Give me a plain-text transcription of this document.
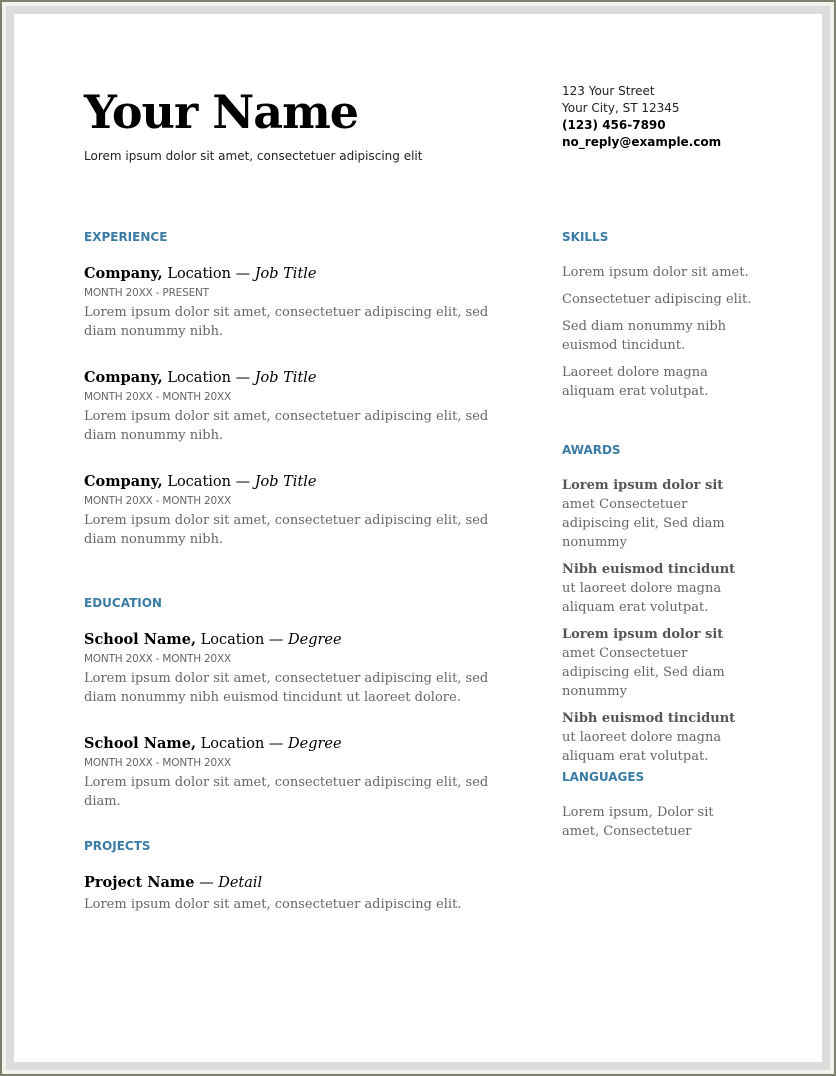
Your Name
Lorem ipsum dolor sit amet, consectetuer adipiscing elit
123 Your Street
Your City, ST 12345
(123) 456-7890
no_reply@example.com
EXPERIENCE
Company, Location — Job Title
MONTH 20XX - PRESENT
Lorem ipsum dolor sit amet, consectetuer adipiscing elit, sed diam nonummy nibh.
Company, Location — Job Title
MONTH 20XX - MONTH 20XX
Lorem ipsum dolor sit amet, consectetuer adipiscing elit, sed diam nonummy nibh.
Company, Location — Job Title
MONTH 20XX - MONTH 20XX
Lorem ipsum dolor sit amet, consectetuer adipiscing elit, sed diam nonummy nibh.
EDUCATION
School Name, Location — Degree
MONTH 20XX - MONTH 20XX
Lorem ipsum dolor sit amet, consectetuer adipiscing elit, sed diam nonummy nibh euismod tincidunt ut laoreet dolore.
School Name, Location — Degree
MONTH 20XX - MONTH 20XX
Lorem ipsum dolor sit amet, consectetuer adipiscing elit, sed diam.
PROJECTS
Project Name — Detail
Lorem ipsum dolor sit amet, consectetuer adipiscing elit.
SKILLS

Lorem ipsum dolor sit amet.

Consectetuer adipiscing elit.

Sed diam nonummy nibh euismod tincidunt.

Laoreet dolore magna aliquam erat volutpat.

AWARDS

Lorem ipsum dolor sit amet Consectetuer adipiscing elit, Sed diam nonummy

Nibh euismod tincidunt ut laoreet dolore magna aliquam erat volutpat.

Lorem ipsum dolor sit amet Consectetuer adipiscing elit, Sed diam nonummy

Nibh euismod tincidunt ut laoreet dolore magna aliquam erat volutpat.

LANGUAGES

Lorem ipsum, Dolor sit amet, Consectetuer
